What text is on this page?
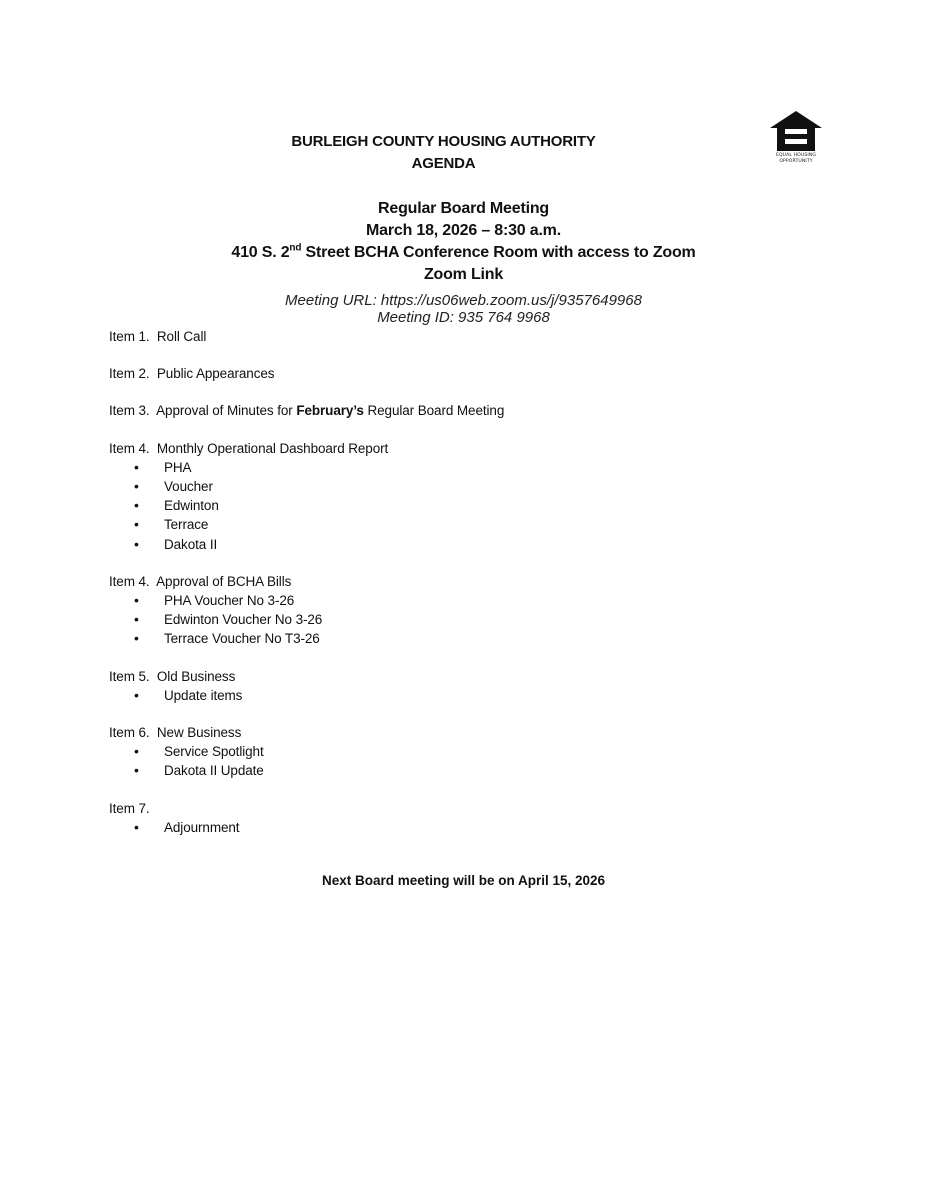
EQUAL HOUSING
OPPORTUNITY
BURLEIGH COUNTY HOUSING AUTHORITY
AGENDA
Regular Board Meeting
March 18, 2026 – 8:30 a.m.
410 S. 2nd Street BCHA Conference Room with access to Zoom
Zoom Link
Meeting URL: https://us06web.zoom.us/j/9357649968
Meeting ID: 935 764 9968
Item 1. Roll Call
Item 2. Public Appearances
Item 3. Approval of Minutes for February’s Regular Board Meeting
Item 4. Monthly Operational Dashboard Report
• PHA
• Voucher
• Edwinton
• Terrace
• Dakota II
Item 4. Approval of BCHA Bills
• PHA Voucher No 3-26
• Edwinton Voucher No 3-26
• Terrace Voucher No T3-26
Item 5. Old Business
• Update items
Item 6. New Business
• Service Spotlight
• Dakota II Update
Item 7.
• Adjournment
Next Board meeting will be on April 15, 2026
